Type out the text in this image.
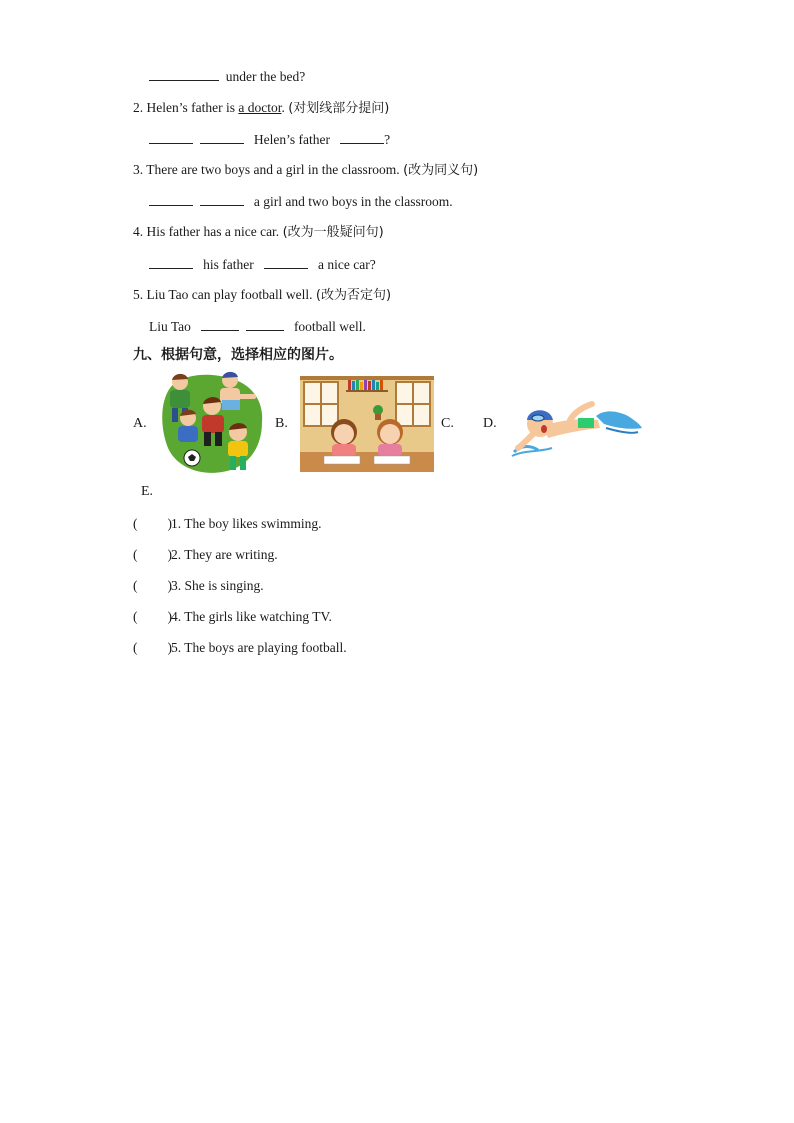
under the bed?
2. Helen’s father is a doctor. (对划线部分提问)
Helen’s father	?
3. There are two boys and a girl in the classroom. (改为同义句)
a girl and two boys in the classroom.
4. His father has a nice car. (改为一般疑问句)
his father	a nice car?
5. Liu Tao can play football well. (改为否定句)
Liu Tao	football well.
九、根据句意，选择相应的图片。
A.	B.	C. D.
E.
( )1. The boy likes swimming.
( )2. They are writing.
( )3. She is singing.
( )4. The girls like watching TV.
( )5. The boys are playing football.
